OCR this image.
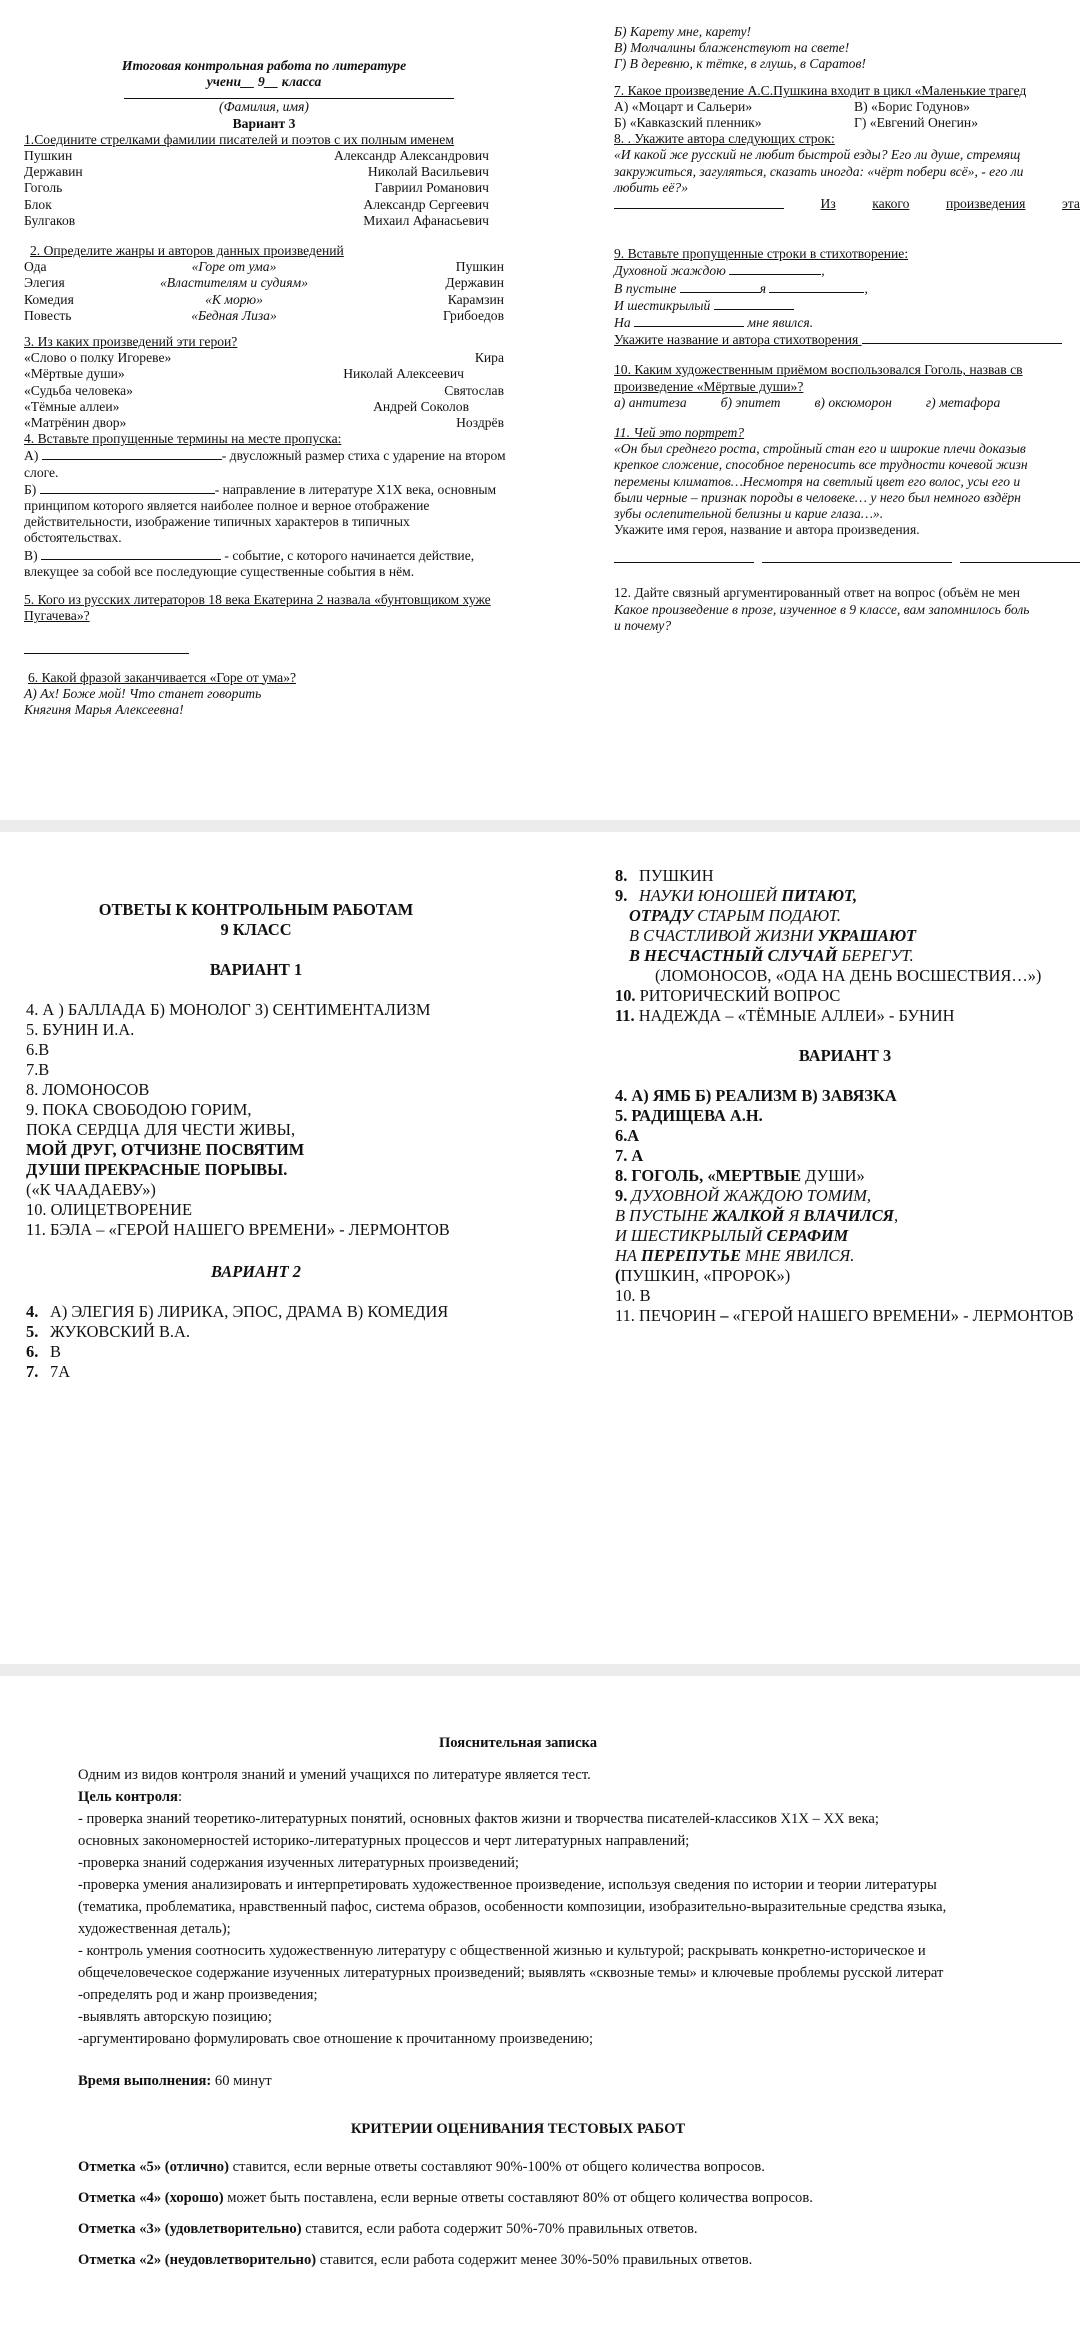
Итоговая контрольная работа по литературе
учени__ 9__ класса
(Фамилия, имя)
Вариант 3
1.Соедините стрелками фамилии писателей и поэтов с их полным именем
Пушкин	Александр Александрович
Державин	Николай Васильевич
Гоголь	Гавриил Романович
Блок	Александр Сергеевич
Булгаков	Михаил Афанасьевич
2. Определите жанры и авторов данных произведений
Ода	«Горе от ума»	Пушкин
Элегия	«Властителям и судиям»	Державин
Комедия	«К морю»	Карамзин
Повесть	«Бедная Лиза»	Грибоедов
3. Из каких произведений эти герои?
«Слово о полку Игореве»	Кира
«Мёртвые души»	Николай Алексеевич
«Судьба человека»	Святослав
«Тёмные аллеи»	Андрей Соколов
«Матрёнин двор»	Ноздрёв
4. Вставьте пропущенные термины на месте пропуска:
А)	- двусложный размер стиха с ударение на втором
слоге.
Б)	- направление в литературе Х1Х века, основным
принципом которого является наиболее полное и верное отображение
действительности, изображение типичных характеров в типичных
обстоятельствах.
В)	- событие, с которого начинается действие,
влекущее за собой все последующие существенные события в нём.
5. Кого из русских литераторов 18 века Екатерина 2 назвала «бунтовщиком хуже
Пугачева»?
6. Какой фразой заканчивается «Горе от ума»?
А) Ах! Боже мой! Что станет говорить
Княгиня Марья Алексеевна!
Б) Карету мне, карету!
В) Молчалины блаженствуют на свете!
Г) В деревню, к тётке, в глушь, в Саратов!
7. Какое произведение А.С.Пушкина входит в цикл «Маленькие трагед
А) «Моцарт и Сальери»	В) «Борис Годунов»
Б) «Кавказский пленник»	Г) «Евгений Онегин»
8. . Укажите автора следующих строк:
«И какой же русский не любит быстрой езды? Его ли душе, стремящ
закружиться, загуляться, сказать иногда: «чёрт побери всё», - его ли
любить её?»
Из	какого	произведения	эта
9. Вставьте пропущенные строки в стихотворение:
Духовной жаждою	,
В пустыне	я	,
И шестикрылый
На	мне явился.
Укажите название и автора стихотворения
10. Каким художественным приёмом воспользовался Гоголь, назвав св
произведение «Мёртвые души»?
а) антитеза	б) эпитет	в) оксюморон	г) метафора
11. Чей это портрет?
«Он был среднего роста, стройный стан его и широкие плечи доказыв
крепкое сложение, способное переносить все трудности кочевой жизн
перемены климатов…Несмотря на светлый цвет его волос, усы его и
были черные – признак породы в человеке… у него был немного вздёрн
зубы ослепительной белизны и карие глаза…».
Укажите имя героя, название и автора произведения.
12. Дайте связный аргументированный ответ на вопрос (объём не мен
Какое произведение в прозе, изученное в 9 классе, вам запомнилось боль
и почему?
ОТВЕТЫ К КОНТРОЛЬНЫМ РАБОТАМ
9 КЛАСС
ВАРИАНТ 1
4. А ) БАЛЛАДА Б) МОНОЛОГ З) СЕНТИМЕНТАЛИЗМ
5. БУНИН И.А.
6.В
7.В
8. ЛОМОНОСОВ
9. ПОКА СВОБОДОЮ ГОРИМ,
ПОКА СЕРДЦА ДЛЯ ЧЕСТИ ЖИВЫ,
МОЙ ДРУГ, ОТЧИЗНЕ ПОСВЯТИМ
ДУШИ ПРЕКРАСНЫЕ ПОРЫВЫ.
(«К ЧААДАЕВУ»)
10. ОЛИЦЕТВОРЕНИЕ
11. БЭЛА – «ГЕРОЙ НАШЕГО ВРЕМЕНИ» - ЛЕРМОНТОВ
ВАРИАНТ 2
4. А) ЭЛЕГИЯ Б) ЛИРИКА, ЭПОС, ДРАМА В) КОМЕДИЯ
5. ЖУКОВСКИЙ В.А.
6. В
7. 7А
8. ПУШКИН
9. НАУКИ ЮНОШЕЙ ПИТАЮТ,
ОТРАДУ СТАРЫМ ПОДАЮТ.
В СЧАСТЛИВОЙ ЖИЗНИ УКРАШАЮТ
В НЕСЧАСТНЫЙ СЛУЧАЙ БЕРЕГУТ.
(ЛОМОНОСОВ, «ОДА НА ДЕНЬ ВОСШЕСТВИЯ…»)
10. РИТОРИЧЕСКИЙ ВОПРОС
11. НАДЕЖДА – «ТЁМНЫЕ АЛЛЕИ» - БУНИН
ВАРИАНТ 3
4. А) ЯМБ Б) РЕАЛИЗМ В) ЗАВЯЗКА
5. РАДИЩЕВА А.Н.
6.А
7. А
8. ГОГОЛЬ, «МЕРТВЫЕ ДУШИ»
9. ДУХОВНОЙ ЖАЖДОЮ ТОМИМ,
В ПУСТЫНЕ ЖАЛКОЙ Я ВЛАЧИЛСЯ,
И ШЕСТИКРЫЛЫЙ СЕРАФИМ
НА ПЕРЕПУТЬЕ МНЕ ЯВИЛСЯ.
(ПУШКИН, «ПРОРОК»)
10. В
11. ПЕЧОРИН – «ГЕРОЙ НАШЕГО ВРЕМЕНИ» - ЛЕРМОНТОВ
Пояснительная записка
Одним из видов контроля знаний и умений учащихся по литературе является тест.
Цель контроля:
- проверка знаний теоретико-литературных понятий, основных фактов жизни и творчества писателей-классиков Х1Х – ХХ века;
основных закономерностей историко-литературных процессов и черт литературных направлений;
-проверка знаний содержания изученных литературных произведений;
-проверка умения анализировать и интерпретировать художественное произведение, используя сведения по истории и теории литературы
(тематика, проблематика, нравственный пафос, система образов, особенности композиции, изобразительно-выразительные средства языка,
художественная деталь);
- контроль умения соотносить художественную литературу с общественной жизнью и культурой; раскрывать конкретно-историческое и
общечеловеческое содержание изученных литературных произведений; выявлять «сквозные темы» и ключевые проблемы русской литерат
-определять род и жанр произведения;
-выявлять авторскую позицию;
-аргументировано формулировать свое отношение к прочитанному произведению;
Время выполнения: 60 минут
КРИТЕРИИ ОЦЕНИВАНИЯ ТЕСТОВЫХ РАБОТ
Отметка «5» (отлично) ставится, если верные ответы составляют 90%-100% от общего количества вопросов.
Отметка «4» (хорошо) может быть поставлена, если верные ответы составляют 80% от общего количества вопросов.
Отметка «3» (удовлетворительно) ставится, если работа содержит 50%-70% правильных ответов.
Отметка «2» (неудовлетворительно) ставится, если работа содержит менее 30%-50% правильных ответов.
